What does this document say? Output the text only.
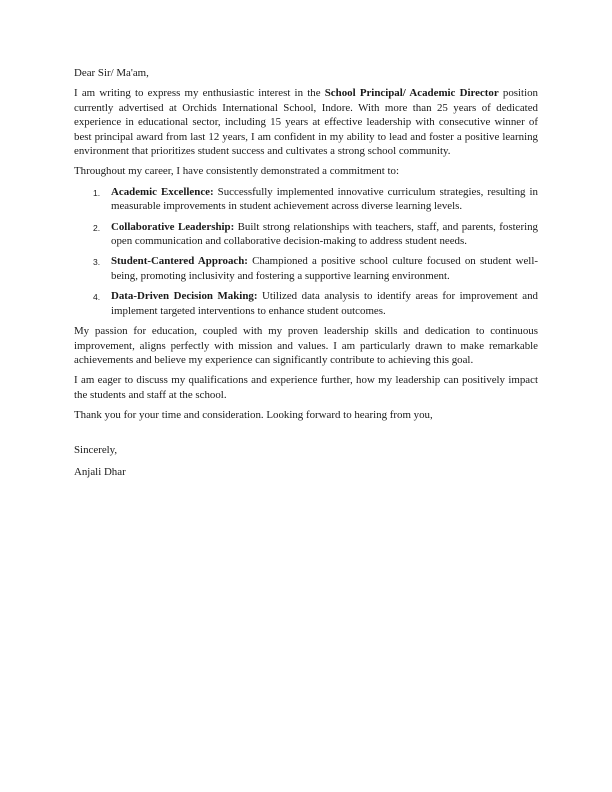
Dear Sir/ Ma'am,

I am writing to express my enthusiastic interest in the School Principal/ Academic Director position currently advertised at Orchids International School, Indore. With more than 25 years of dedicated experience in educational sector, including 15 years at effective leadership with consecutive winner of best principal award from last 12 years, I am confident in my ability to lead and foster a positive learning environment that prioritizes student success and cultivates a strong school community.

Throughout my career, I have consistently demonstrated a commitment to:

1. Academic Excellence: Successfully implemented innovative curriculum strategies, resulting in measurable improvements in student achievement across diverse learning levels.
2. Collaborative Leadership: Built strong relationships with teachers, staff, and parents, fostering open communication and collaborative decision-making to address student needs.
3. Student-Cantered Approach: Championed a positive school culture focused on student well-being, promoting inclusivity and fostering a supportive learning environment.
4. Data-Driven Decision Making: Utilized data analysis to identify areas for improvement and implement targeted interventions to enhance student outcomes.

My passion for education, coupled with my proven leadership skills and dedication to continuous improvement, aligns perfectly with mission and values. I am particularly drawn to make remarkable achievements and believe my experience can significantly contribute to achieving this goal.

I am eager to discuss my qualifications and experience further, how my leadership can positively impact the students and staff at the school.

Thank you for your time and consideration. Looking forward to hearing from you,

Sincerely,

Anjali Dhar
